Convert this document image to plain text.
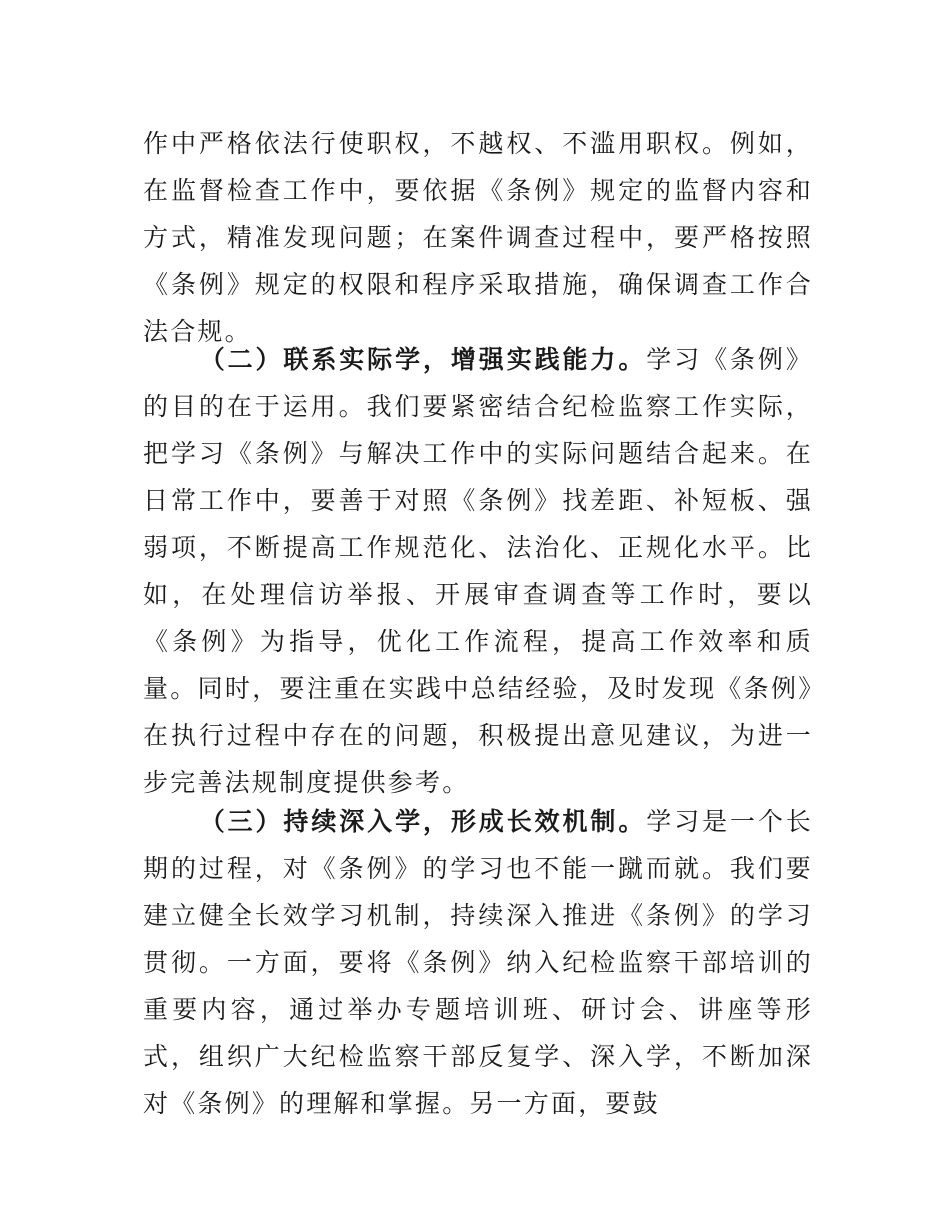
作中严格依法行使职权，不越权、不滥用职权。例如，在监督检查工作中，要依据《条例》规定的监督内容和方式，精准发现问题；在案件调查过程中，要严格按照《条例》规定的权限和程序采取措施，确保调查工作合法合规。

（二）联系实际学，增强实践能力。学习《条例》的目的在于运用。我们要紧密结合纪检监察工作实际，把学习《条例》与解决工作中的实际问题结合起来。在日常工作中，要善于对照《条例》找差距、补短板、强弱项，不断提高工作规范化、法治化、正规化水平。比如，在处理信访举报、开展审查调查等工作时，要以《条例》为指导，优化工作流程，提高工作效率和质量。同时，要注重在实践中总结经验，及时发现《条例》在执行过程中存在的问题，积极提出意见建议，为进一步完善法规制度提供参考。

（三）持续深入学，形成长效机制。学习是一个长期的过程，对《条例》的学习也不能一蹴而就。我们要建立健全长效学习机制，持续深入推进《条例》的学习贯彻。一方面，要将《条例》纳入纪检监察干部培训的重要内容，通过举办专题培训班、研讨会、讲座等形式，组织广大纪检监察干部反复学、深入学，不断加深对《条例》的理解和掌握。另一方面，要鼓
